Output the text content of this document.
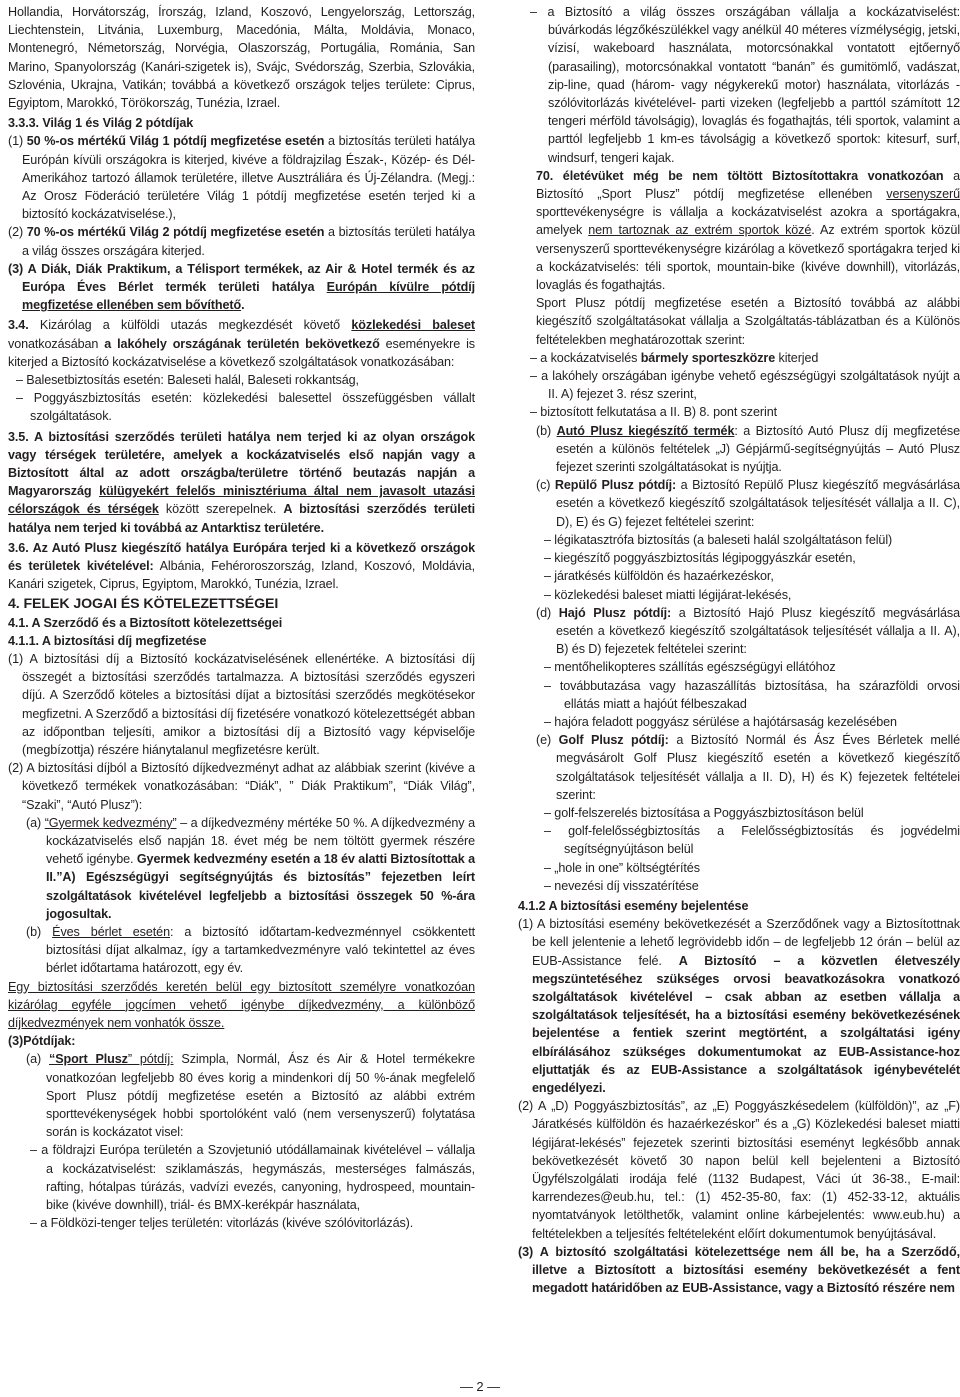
Hollandia, Horvátország, Írország, Izland, Koszovó, Lengyelország, Lettország, Liechtenstein, Litvánia, Luxemburg, Macedónia, Málta, Moldávia, Monaco, Montenegró, Németország, Norvégia, Olaszország, Portugália, Románia, San Marino, Spanyolország (Kanári-szigetek is), Svájc, Svédország, Szerbia, Szlovákia, Szlovénia, Ukrajna, Vatikán; továbbá a következő országok teljes területe: Ciprus, Egyiptom, Marokkó, Törökország, Tunézia, Izrael.

3.3.3. Világ 1 és Világ 2 pótdíjak

(1) 50 %-os mértékű Világ 1 pótdíj megfizetése esetén a biztosítás területi hatálya Európán kívüli országokra is kiterjed, kivéve a földrajzilag Észak-, Közép- és Dél-Amerikához tartozó államok területére, illetve Ausztráliára és Új-Zélandra. (Megj.: Az Orosz Föderáció területére Világ 1 pótdíj megfizetése esetén terjed ki a biztosító kockázatviselése.),

(2) 70 %-os mértékű Világ 2 pótdíj megfizetése esetén a biztosítás területi hatálya a világ összes országára kiterjed.

(3) A Diák, Diák Praktikum, a Télisport termékek, az Air & Hotel termék és az Európa Éves Bérlet termék területi hatálya Európán kívülre pótdíj megfizetése ellenében sem bővíthető.

3.4. Kizárólag a külföldi utazás megkezdését követő közlekedési baleset vonatkozásában a lakóhely országának területén bekövetkező eseményekre is kiterjed a Biztosító kockázatviselése a következő szolgáltatások vonatkozásában:

– Balesetbiztosítás esetén: Baleseti halál, Baleseti rokkantság,

– Poggyászbiztosítás esetén: közlekedési balesettel összefüggésben vállalt szolgáltatások.

3.5. A biztosítási szerződés területi hatálya nem terjed ki az olyan országok vagy térségek területére, amelyek a kockázatviselés első napján vagy a Biztosított által az adott országba/területre történő beutazás napján a Magyarország külügyekért felelős minisztériuma által nem javasolt utazási célországok és térségek között szerepelnek. A biztosítási szerződés területi hatálya nem terjed ki továbbá az Antarktisz területére.

3.6. Az Autó Plusz kiegészítő hatálya Európára terjed ki a következő országok és területek kivételével: Albánia, Fehéroroszország, Izland, Koszovó, Moldávia, Kanári szigetek, Ciprus, Egyiptom, Marokkó, Tunézia, Izrael.

4. FELEK JOGAI ÉS KÖTELEZETTSÉGEI

4.1. A Szerződő és a Biztosított kötelezettségei

4.1.1. A biztosítási díj megfizetése

(1) A biztosítási díj a Biztosító kockázatviselésének ellenértéke. A biztosítási díj összegét a biztosítási szerződés tartalmazza. A biztosítási szerződés egyszeri díjú. A Szerződő köteles a biztosítási díjat a biztosítási szerződés megkötésekor megfizetni. A Szerződő a biztosítási díj fizetésére vonatkozó kötelezettségét abban az időpontban teljesíti, amikor a biztosítási díj a Biztosító vagy képviselője (megbízottja) részére hiánytalanul megfizetésre került.

(2) A biztosítási díjból a Biztosító díjkedvezményt adhat az alábbiak szerint (kivéve a következő termékek vonatkozásában: “Diák”, ” Diák Praktikum”, “Diák Világ”, “Szaki”, “Autó Plusz”):

(a) “Gyermek kedvezmény” – a díjkedvezmény mértéke 50 %. A díjkedvezmény a kockázatviselés első napján 18. évet még be nem töltött gyermek részére vehető igénybe. Gyermek kedvezmény esetén a 18 év alatti Biztosítottak a II.”A) Egészségügyi segítségnyújtás és biztosítás” fejezetben leírt szolgáltatások kivételével legfeljebb a biztosítási összegek 50 %-ára jogosultak.

(b) Éves bérlet esetén: a biztosító időtartam-kedvezménnyel csökkentett biztosítási díjat alkalmaz, így a tartamkedvezményre való tekintettel az éves bérlet időtartama határozott, egy év.

Egy biztosítási szerződés keretén belül egy biztosított személyre vonatkozóan kizárólag egyféle jogcímen vehető igénybe díjkedvezmény, a különböző díjkedvezmények nem vonhatók össze.

(3)Pótdíjak:

(a) “Sport Plusz” pótdíj: Szimpla, Normál, Ász és Air & Hotel termékekre vonatkozóan legfeljebb 80 éves korig a mindenkori díj 50 %-ának megfelelő Sport Plusz pótdíj megfizetése esetén a Biztosító az alábbi extrém sporttevékenységek hobbi sportolóként való (nem versenyszerű) folytatása során is kockázatot visel:

– a földrajzi Európa területén a Szovjetunió utódállamainak kivételével – vállalja a kockázatviselést: sziklamászás, hegymászás, mesterséges falmászás, rafting, hótalpas túrázás, vadvízi evezés, canyoning, hydrospeed, mountain-bike (kivéve downhill), triál- és BMX-kerékpár használata,

– a Földközi-tenger teljes területén: vitorlázás (kivéve szólóvitorlázás).

– a Biztosító a világ összes országában vállalja a kockázatviselést: búvárkodás légzőkészülékkel vagy anélkül 40 méteres vízmélységig, jetski, vízisí, wakeboard használata, motorcsónakkal vontatott ejtőernyő (parasailing), motorcsónakkal vontatott “banán” és gumitömlő, vadászat, zip-line, quad (három- vagy négykerekű motor) használata, vitorlázás -szólóvitorlázás kivételével- parti vizeken (legfeljebb a parttól számított 12 tengeri mérföld távolságig), lovaglás és fogathajtás, téli sportok, valamint a parttól legfeljebb 1 km-es távolságig a következő sportok: kitesurf, surf, windsurf, tengeri kajak.

70. életévüket még be nem töltött Biztosítottakra vonatkozóan a Biztosító „Sport Plusz” pótdíj megfizetése ellenében versenyszerű sporttevékenységre is vállalja a kockázatviselést azokra a sportágakra, amelyek nem tartoznak az extrém sportok közé. Az extrém sportok közül versenyszerű sporttevékenységre kizárólag a következő sportágakra terjed ki a kockázatviselés: téli sportok, mountain-bike (kivéve downhill), vitorlázás, lovaglás és fogathajtás.

Sport Plusz pótdíj megfizetése esetén a Biztosító továbbá az alábbi kiegészítő szolgáltatásokat vállalja a Szolgáltatás-táblázatban és a Különös feltételekben meghatározottak szerint:

– a kockázatviselés bármely sporteszközre kiterjed

– a lakóhely országában igénybe vehető egészségügyi szolgáltatások nyújt a II. A) fejezet 3. rész szerint,

– biztosított felkutatása a II. B) 8. pont szerint

(b) Autó Plusz kiegészítő termék: a Biztosító Autó Plusz díj megfizetése esetén a különös feltételek „J) Gépjármű-segítségnyújtás – Autó Plusz fejezet szerinti szolgáltatásokat is nyújtja.

(c) Repülő Plusz pótdíj: a Biztosító Repülő Plusz kiegészítő megvásárlása esetén a következő kiegészítő szolgáltatások teljesítését vállalja a II. C), D), E) és G) fejezet feltételei szerint:

– légikatasztrófa biztosítás (a baleseti halál szolgáltatáson felül)

– kiegészítő poggyászbiztosítás légipoggyászkár esetén,

– járatkésés külföldön és hazaérkezéskor,

– közlekedési baleset miatti légijárat-lekésés,

(d) Hajó Plusz pótdíj: a Biztosító Hajó Plusz kiegészítő megvásárlása esetén a következő kiegészítő szolgáltatások teljesítését vállalja a II. A), B) és D) fejezetek feltételei szerint:

– mentőhelikopteres szállítás egészségügyi ellátóhoz

– továbbutazása vagy hazaszállítás biztosítása, ha szárazföldi orvosi ellátás miatt a hajóút félbeszakad

– hajóra feladott poggyász sérülése a hajótársaság kezelésében

(e) Golf Plusz pótdíj: a Biztosító Normál és Ász Éves Bérletek mellé megvásárolt Golf Plusz kiegészítő esetén a következő kiegészítő szolgáltatások teljesítését vállalja a II. D), H) és K) fejezetek feltételei szerint:

– golf-felszerelés biztosítása a Poggyászbiztosításon belül

– golf-felelősségbiztosítás a Felelősségbiztosítás és jogvédelmi segítségnyújtáson belül

– „hole in one” költségtérítés

– nevezési díj visszatérítése

4.1.2 A biztosítási esemény bejelentése

(1) A biztosítási esemény bekövetkezését a Szerződőnek vagy a Biztosítottnak be kell jelentenie a lehető legrövidebb időn – de legfeljebb 12 órán – belül az EUB-Assistance felé. A Biztosító – a közvetlen életveszély megszüntetéséhez szükséges orvosi beavatkozásokra vonatkozó szolgáltatások kivételével – csak abban az esetben vállalja a szolgáltatások teljesítését, ha a biztosítási esemény bekövetkezésének bejelentése a fentiek szerint megtörtént, a szolgáltatási igény elbírálásához szükséges dokumentumokat az EUB-Assistance-hoz eljuttatják és az EUB-Assistance a szolgáltatások igénybevételét engedélyezi.

(2) A „D) Poggyászbiztosítás”, az „E) Poggyászkésedelem (külföldön)”, az „F) Járatkésés külföldön és hazaérkezéskor” és a „G) Közlekedési baleset miatti légijárat-lekésés” fejezetek szerinti biztosítási eseményt legkésőbb annak bekövetkezését követő 30 napon belül kell bejelenteni a Biztosító Ügyfélszolgálati irodája felé (1132 Budapest, Váci út 36-38., E-mail: karrendezes@eub.hu, tel.: (1) 452-35-80, fax: (1) 452-33-12, aktuális nyomtatványok letölthetők, valamint online kárbejelentés: www.eub.hu) a feltételekben a teljesítés feltételeként előírt dokumentumok benyújtásával.

(3) A biztosító szolgáltatási kötelezettsége nem áll be, ha a Szerződő, illetve a Biztosított a biztosítási esemény bekövetkezését a fent megadott határidőben az EUB-Assistance, vagy a Biztosító részére nem

— 2 —
